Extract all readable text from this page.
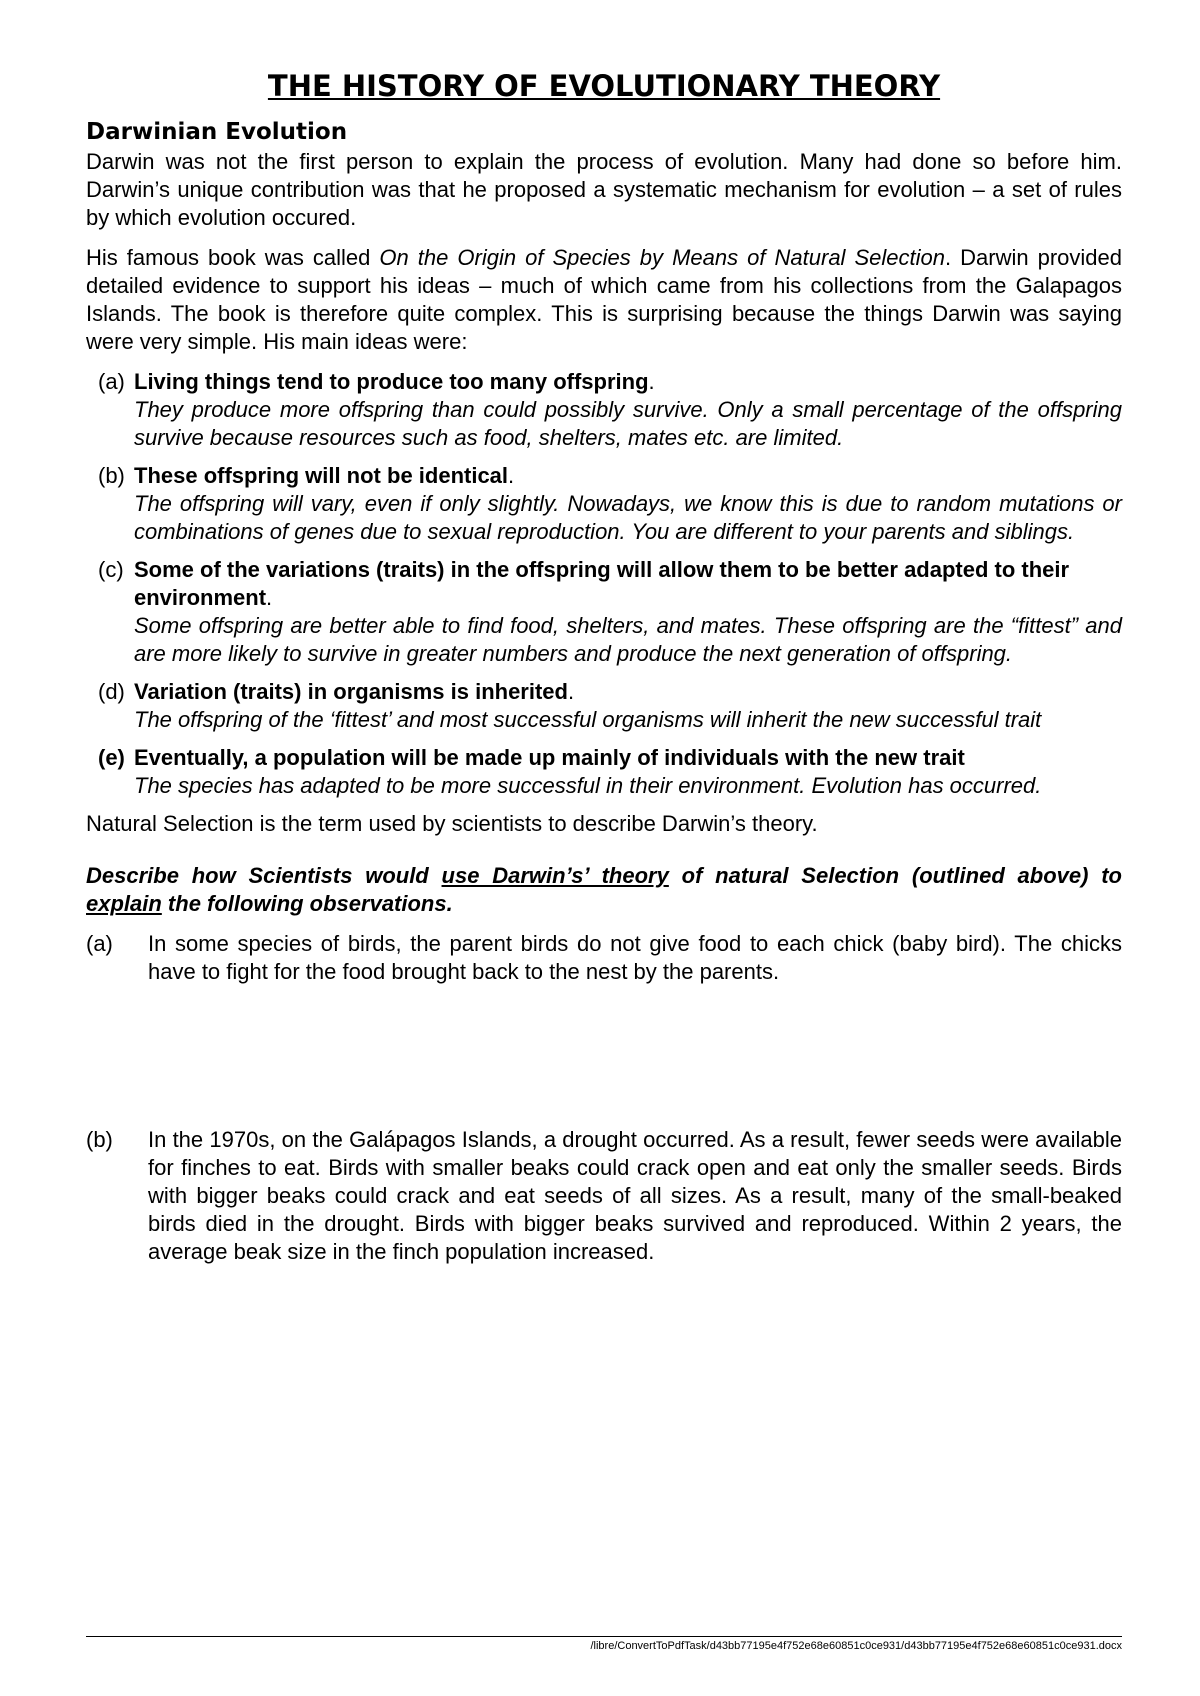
THE HISTORY OF EVOLUTIONARY THEORY
Darwinian Evolution

Darwin was not the first person to explain the process of evolution. Many had done so before him. Darwin’s unique contribution was that he proposed a systematic mechanism for evolution – a set of rules by which evolution occured.

His famous book was called On the Origin of Species by Means of Natural Selection. Darwin provided detailed evidence to support his ideas – much of which came from his collections from the Galapagos Islands. The book is therefore quite complex. This is surprising because the things Darwin was saying were very simple. His main ideas were:

(a) Living things tend to produce too many offspring.
They produce more offspring than could possibly survive. Only a small percentage of the offspring survive because resources such as food, shelters, mates etc. are limited.
(b) These offspring will not be identical.
The offspring will vary, even if only slightly. Nowadays, we know this is due to random mutations or combinations of genes due to sexual reproduction. You are different to your parents and siblings.
(c) Some of the variations (traits) in the offspring will allow them to be better adapted to their environment.
Some offspring are better able to find food, shelters, and mates. These offspring are the “fittest” and are more likely to survive in greater numbers and produce the next generation of offspring.
(d) Variation (traits) in organisms is inherited.
The offspring of the ‘fittest’ and most successful organisms will inherit the new successful trait
(e) Eventually, a population will be made up mainly of individuals with the new trait
The species has adapted to be more successful in their environment. Evolution has occurred.

Natural Selection is the term used by scientists to describe Darwin’s theory.

Describe how Scientists would use Darwin’s’ theory of natural Selection (outlined above) to explain the following observations.

(a) In some species of birds, the parent birds do not give food to each chick (baby bird). The chicks have to fight for the food brought back to the nest by the parents.
(b) In the 1970s, on the Galápagos Islands, a drought occurred. As a result, fewer seeds were available for finches to eat. Birds with smaller beaks could crack open and eat only the smaller seeds. Birds with bigger beaks could crack and eat seeds of all sizes. As a result, many of the small-beaked birds died in the drought. Birds with bigger beaks survived and reproduced. Within 2 years, the average beak size in the finch population increased.
/libre/ConvertToPdfTask/d43bb77195e4f752e68e60851c0ce931/d43bb77195e4f752e68e60851c0ce931.docx
